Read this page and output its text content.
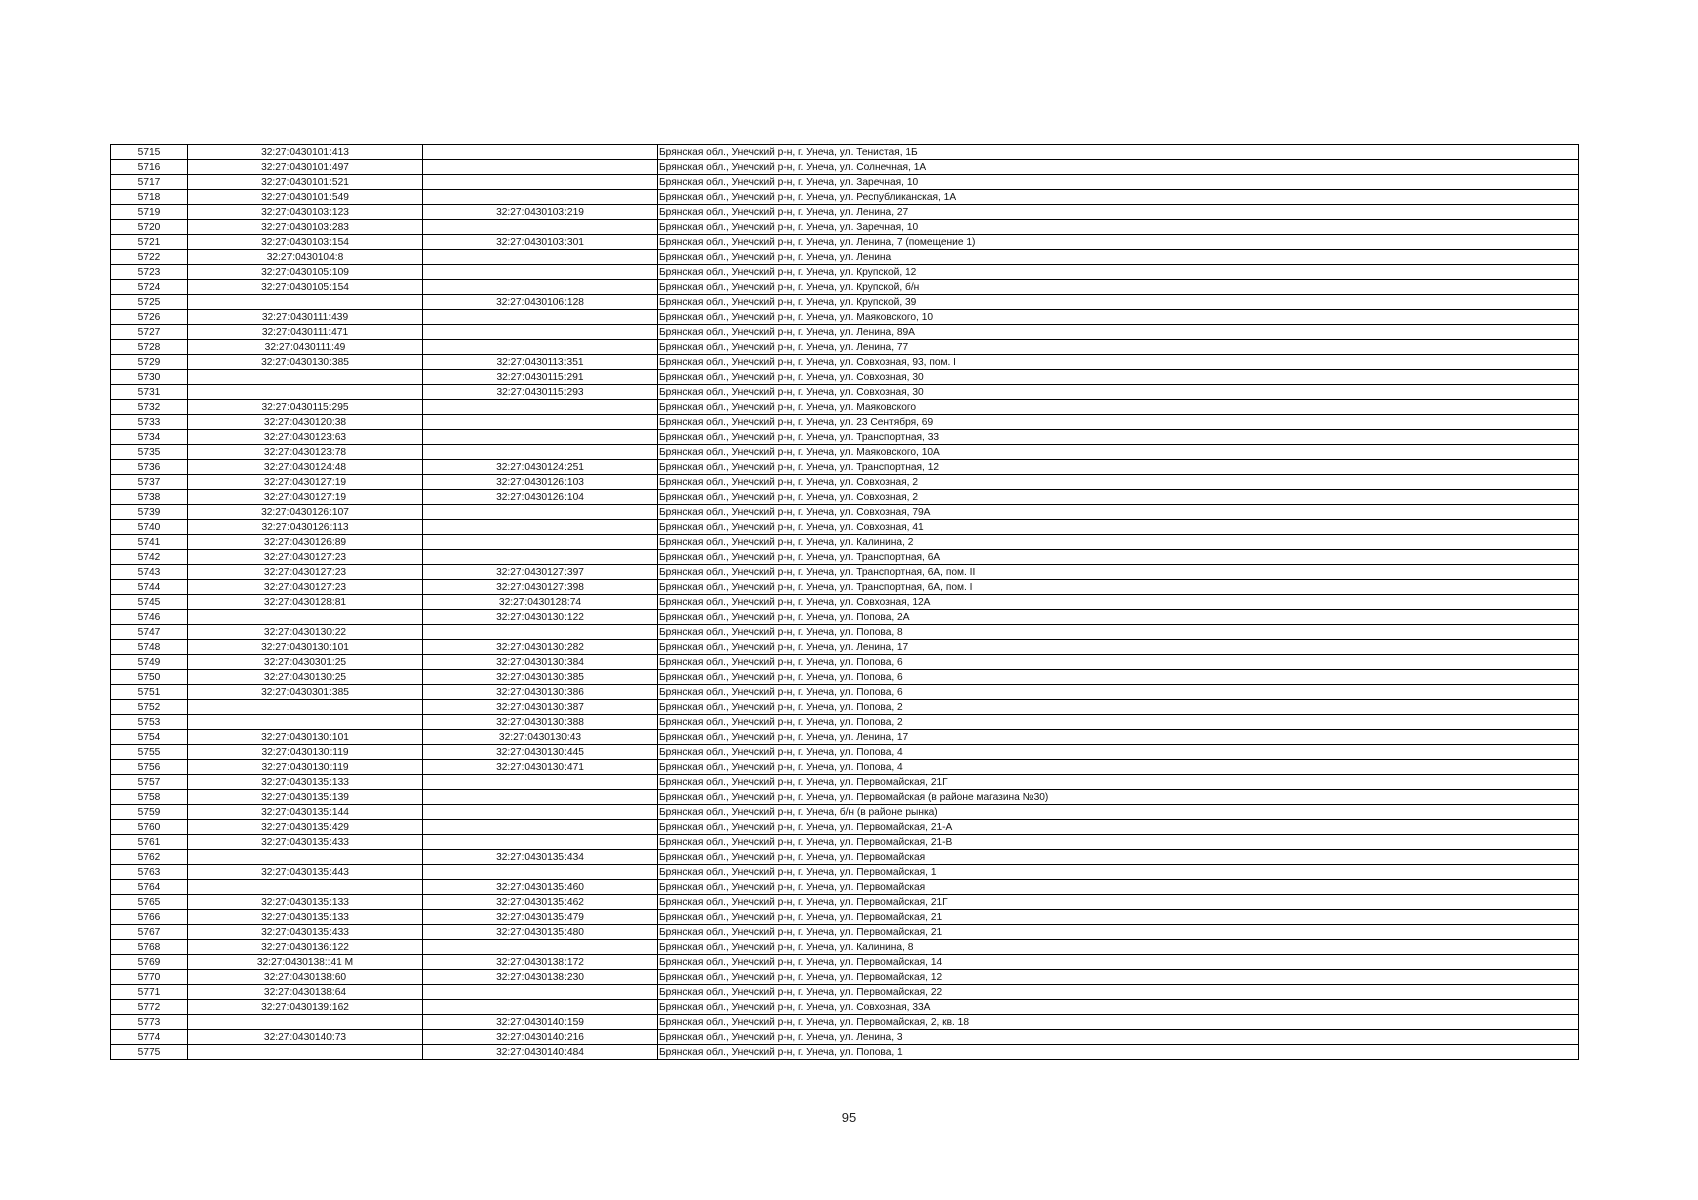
5715	32:27:0430101:413		Брянская обл., Унечский р-н, г. Унеча, ул. Тенистая, 1Б
5716	32:27:0430101:497		Брянская обл., Унечский р-н, г. Унеча, ул. Солнечная, 1А
5717	32:27:0430101:521		Брянская обл., Унечский р-н, г. Унеча, ул. Заречная, 10
5718	32:27:0430101:549		Брянская обл., Унечский р-н, г. Унеча, ул. Республиканская, 1А
5719	32:27:0430103:123	32:27:0430103:219	Брянская обл., Унечский р-н, г. Унеча, ул. Ленина, 27
5720	32:27:0430103:283		Брянская обл., Унечский р-н, г. Унеча, ул. Заречная, 10
5721	32:27:0430103:154	32:27:0430103:301	Брянская обл., Унечский р-н, г. Унеча, ул. Ленина, 7 (помещение 1)
5722	32:27:0430104:8		Брянская обл., Унечский р-н, г. Унеча, ул. Ленина
5723	32:27:0430105:109		Брянская обл., Унечский р-н, г. Унеча, ул. Крупской, 12
5724	32:27:0430105:154		Брянская обл., Унечский р-н, г. Унеча, ул. Крупской, б/н
5725		32:27:0430106:128	Брянская обл., Унечский р-н, г. Унеча, ул. Крупской, 39
5726	32:27:0430111:439		Брянская обл., Унечский р-н, г. Унеча, ул. Маяковского, 10
5727	32:27:0430111:471		Брянская обл., Унечский р-н, г. Унеча, ул. Ленина, 89А
5728	32:27:0430111:49		Брянская обл., Унечский р-н, г. Унеча, ул. Ленина, 77
5729	32:27:0430130:385	32:27:0430113:351	Брянская обл., Унечский р-н, г. Унеча, ул. Совхозная, 93, пом. I
5730		32:27:0430115:291	Брянская обл., Унечский р-н, г. Унеча, ул. Совхозная, 30
5731		32:27:0430115:293	Брянская обл., Унечский р-н, г. Унеча, ул. Совхозная, 30
5732	32:27:0430115:295		Брянская обл., Унечский р-н, г. Унеча, ул. Маяковского
5733	32:27:0430120:38		Брянская обл., Унечский р-н, г. Унеча, ул. 23 Сентября, 69
5734	32:27:0430123:63		Брянская обл., Унечский р-н, г. Унеча, ул. Транспортная, 33
5735	32:27:0430123:78		Брянская обл., Унечский р-н, г. Унеча, ул. Маяковского, 10А
5736	32:27:0430124:48	32:27:0430124:251	Брянская обл., Унечский р-н, г. Унеча, ул. Транспортная, 12
5737	32:27:0430127:19	32:27:0430126:103	Брянская обл., Унечский р-н, г. Унеча, ул. Совхозная, 2
5738	32:27:0430127:19	32:27:0430126:104	Брянская обл., Унечский р-н, г. Унеча, ул. Совхозная, 2
5739	32:27:0430126:107		Брянская обл., Унечский р-н, г. Унеча, ул. Совхозная, 79А
5740	32:27:0430126:113		Брянская обл., Унечский р-н, г. Унеча, ул. Совхозная, 41
5741	32:27:0430126:89		Брянская обл., Унечский р-н, г. Унеча, ул. Калинина, 2
5742	32:27:0430127:23		Брянская обл., Унечский р-н, г. Унеча, ул. Транспортная, 6А
5743	32:27:0430127:23	32:27:0430127:397	Брянская обл., Унечский р-н, г. Унеча, ул. Транспортная, 6А, пом. II
5744	32:27:0430127:23	32:27:0430127:398	Брянская обл., Унечский р-н, г. Унеча, ул. Транспортная, 6А, пом. I
5745	32:27:0430128:81	32:27:0430128:74	Брянская обл., Унечский р-н, г. Унеча, ул. Совхозная, 12А
5746		32:27:0430130:122	Брянская обл., Унечский р-н, г. Унеча, ул. Попова, 2А
5747	32:27:0430130:22		Брянская обл., Унечский р-н, г. Унеча, ул. Попова, 8
5748	32:27:0430130:101	32:27:0430130:282	Брянская обл., Унечский р-н, г. Унеча, ул. Ленина, 17
5749	32:27:0430301:25	32:27:0430130:384	Брянская обл., Унечский р-н, г. Унеча, ул. Попова, 6
5750	32:27:0430130:25	32:27:0430130:385	Брянская обл., Унечский р-н, г. Унеча, ул. Попова, 6
5751	32:27:0430301:385	32:27:0430130:386	Брянская обл., Унечский р-н, г. Унеча, ул. Попова, 6
5752		32:27:0430130:387	Брянская обл., Унечский р-н, г. Унеча, ул. Попова, 2
5753		32:27:0430130:388	Брянская обл., Унечский р-н, г. Унеча, ул. Попова, 2
5754	32:27:0430130:101	32:27:0430130:43	Брянская обл., Унечский р-н, г. Унеча, ул. Ленина, 17
5755	32:27:0430130:119	32:27:0430130:445	Брянская обл., Унечский р-н, г. Унеча, ул. Попова, 4
5756	32:27:0430130:119	32:27:0430130:471	Брянская обл., Унечский р-н, г. Унеча, ул. Попова, 4
5757	32:27:0430135:133		Брянская обл., Унечский р-н, г. Унеча, ул. Первомайская, 21Г
5758	32:27:0430135:139		Брянская обл., Унечский р-н, г. Унеча, ул. Первомайская (в районе магазина №30)
5759	32:27:0430135:144		Брянская обл., Унечский р-н, г. Унеча, б/н (в районе рынка)
5760	32:27:0430135:429		Брянская обл., Унечский р-н, г. Унеча, ул. Первомайская, 21-А
5761	32:27:0430135:433		Брянская обл., Унечский р-н, г. Унеча, ул. Первомайская, 21-В
5762		32:27:0430135:434	Брянская обл., Унечский р-н, г. Унеча, ул. Первомайская
5763	32:27:0430135:443		Брянская обл., Унечский р-н, г. Унеча, ул. Первомайская, 1
5764		32:27:0430135:460	Брянская обл., Унечский р-н, г. Унеча, ул. Первомайская
5765	32:27:0430135:133	32:27:0430135:462	Брянская обл., Унечский р-н, г. Унеча, ул. Первомайская, 21Г
5766	32:27:0430135:133	32:27:0430135:479	Брянская обл., Унечский р-н, г. Унеча, ул. Первомайская, 21
5767	32:27:0430135:433	32:27:0430135:480	Брянская обл., Унечский р-н, г. Унеча, ул. Первомайская, 21
5768	32:27:0430136:122		Брянская обл., Унечский р-н, г. Унеча, ул. Калинина, 8
5769	32:27:0430138::41 М	32:27:0430138:172	Брянская обл., Унечский р-н, г. Унеча, ул. Первомайская, 14
5770	32:27:0430138:60	32:27:0430138:230	Брянская обл., Унечский р-н, г. Унеча, ул. Первомайская, 12
5771	32:27:0430138:64		Брянская обл., Унечский р-н, г. Унеча, ул. Первомайская, 22
5772	32:27:0430139:162		Брянская обл., Унечский р-н, г. Унеча, ул. Совхозная, 33А
5773		32:27:0430140:159	Брянская обл., Унечский р-н, г. Унеча, ул. Первомайская, 2, кв. 18
5774	32:27:0430140:73	32:27:0430140:216	Брянская обл., Унечский р-н, г. Унеча, ул. Ленина, 3
5775		32:27:0430140:484	Брянская обл., Унечский р-н, г. Унеча, ул. Попова, 1
95
